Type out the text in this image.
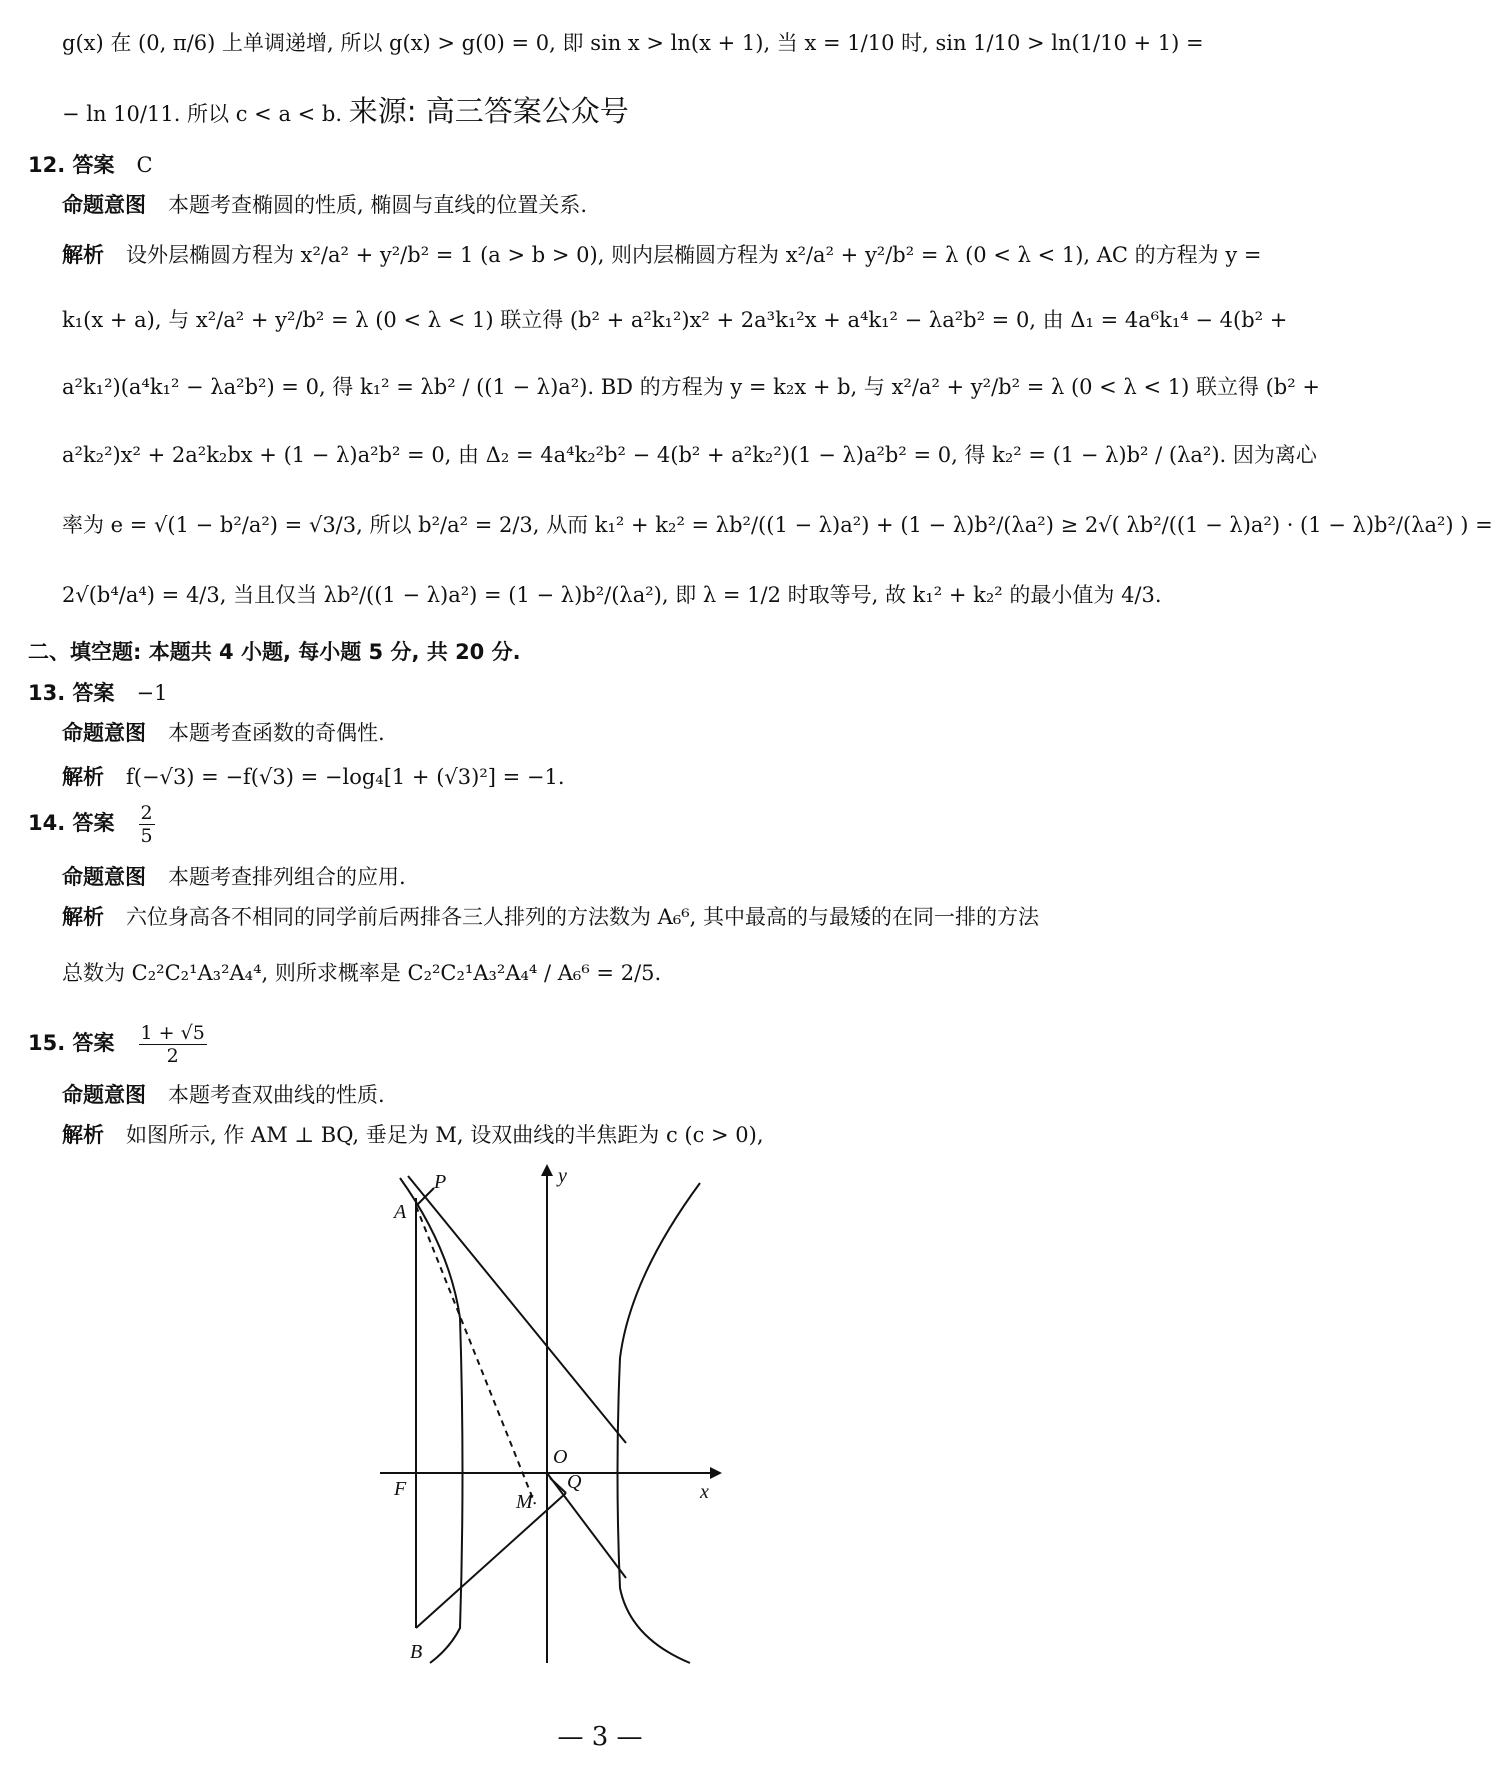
g(x) 在 (0, π/6) 上单调递增, 所以 g(x) > g(0) = 0, 即 sin x > ln(x + 1), 当 x = 1/10 时, sin 1/10 > ln(1/10 + 1) =
− ln 10/11. 所以 c < a < b. 来源: 高三答案公众号
12. 答案 C
命题意图 本题考查椭圆的性质, 椭圆与直线的位置关系.
解析 设外层椭圆方程为 x²/a² + y²/b² = 1 (a > b > 0), 则内层椭圆方程为 x²/a² + y²/b² = λ (0 < λ < 1), AC 的方程为 y =
k₁(x + a), 与 x²/a² + y²/b² = λ (0 < λ < 1) 联立得 (b² + a²k₁²)x² + 2a³k₁²x + a⁴k₁² − λa²b² = 0, 由 Δ₁ = 4a⁶k₁⁴ − 4(b² +
a²k₁²)(a⁴k₁² − λa²b²) = 0, 得 k₁² = λb² / ((1 − λ)a²). BD 的方程为 y = k₂x + b, 与 x²/a² + y²/b² = λ (0 < λ < 1) 联立得 (b² +
a²k₂²)x² + 2a²k₂bx + (1 − λ)a²b² = 0, 由 Δ₂ = 4a⁴k₂²b² − 4(b² + a²k₂²)(1 − λ)a²b² = 0, 得 k₂² = (1 − λ)b² / (λa²). 因为离心
率为 e = √(1 − b²/a²) = √3/3, 所以 b²/a² = 2/3, 从而 k₁² + k₂² = λb²/((1 − λ)a²) + (1 − λ)b²/(λa²) ≥ 2√( λb²/((1 − λ)a²) · (1 − λ)b²/(λa²) ) =
2√(b⁴/a⁴) = 4/3, 当且仅当 λb²/((1 − λ)a²) = (1 − λ)b²/(λa²), 即 λ = 1/2 时取等号, 故 k₁² + k₂² 的最小值为 4/3.
二、填空题: 本题共 4 小题, 每小题 5 分, 共 20 分.
13. 答案 −1
命题意图 本题考查函数的奇偶性.
解析 f(−√3) = −f(√3) = −log₄[1 + (√3)²] = −1.
14. 答案 $\frac{2}{5}$
命题意图 本题考查排列组合的应用.
解析 六位身高各不相同的同学前后两排各三人排列的方法数为 A₆⁶, 其中最高的与最矮的在同一排的方法
总数为 C₂²C₂¹A₃²A₄⁴, 则所求概率是 C₂²C₂¹A₃²A₄⁴ / A₆⁶ = 2/5.
15. 答案 $\frac{1 + √5}{2}$
命题意图 本题考查双曲线的性质.
解析 如图所示, 作 AM ⊥ BQ, 垂足为 M, 设双曲线的半焦距为 c (c > 0),
P
A
O
Q
F
M
B
x
y
— 3 —
